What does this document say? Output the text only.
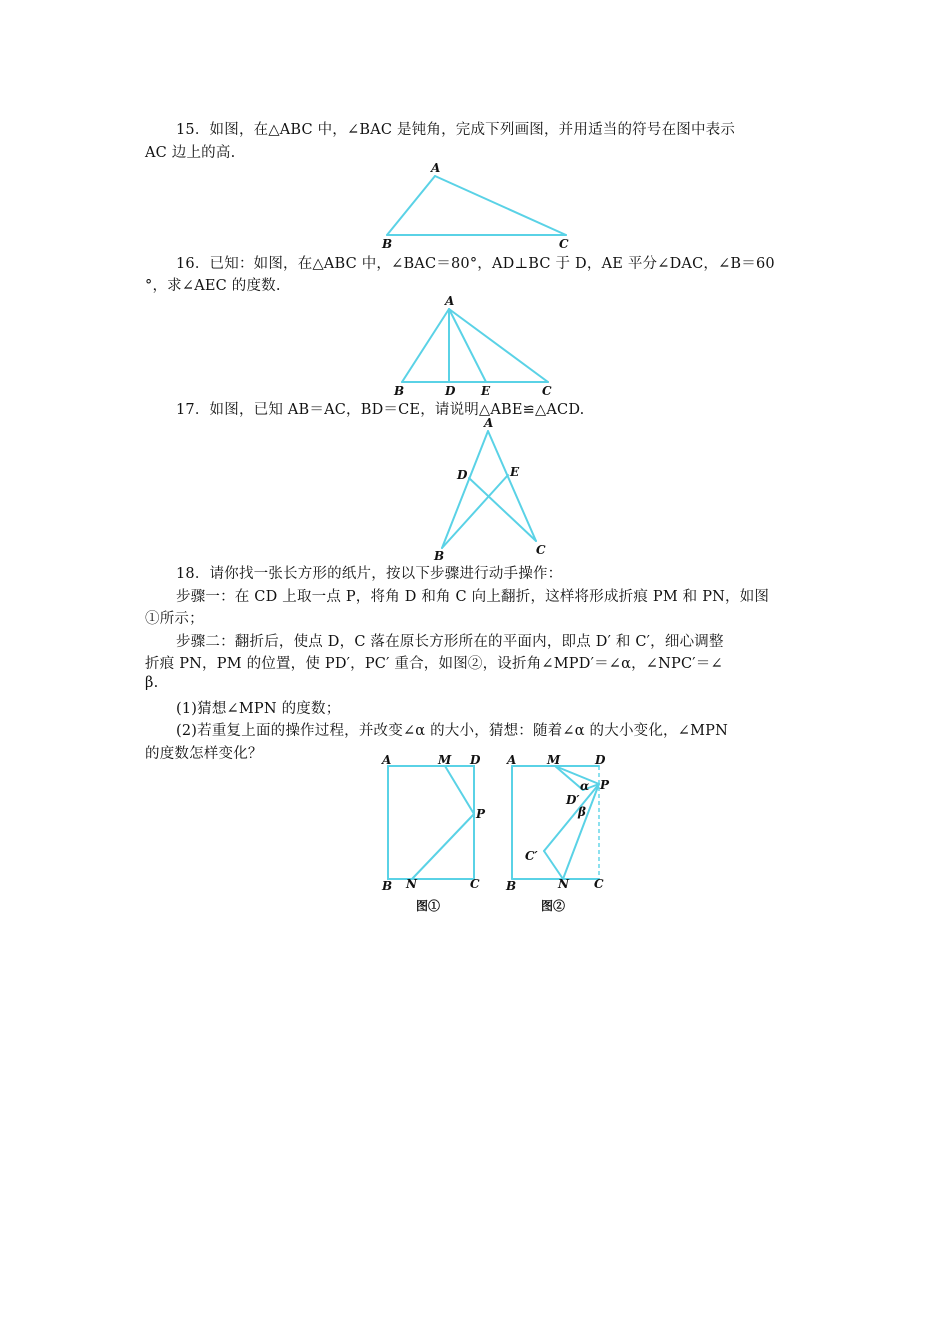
15．如图，在△ABC 中，∠BAC 是钝角，完成下列画图，并用适当的符号在图中表示
AC 边上的高.
A
B	C
16．已知：如图，在△ABC 中，∠BAC＝80°，AD⊥BC 于 D，AE 平分∠DAC，∠B＝60
°，求∠AEC 的度数.
A
B	D E	C
17．如图，已知 AB＝AC，BD＝CE，请说明△ABE≌△ACD.
A
D	E
B	C
18．请你找一张长方形的纸片，按以下步骤进行动手操作：
步骤一：在 CD 上取一点 P，将角 D 和角 C 向上翻折，这样将形成折痕 PM 和 PN，如图
①所示；
步骤二：翻折后，使点 D，C 落在原长方形所在的平面内，即点 D′ 和 C′，细心调整
折痕 PN，PM 的位置，使 PD′，PC′ 重合，如图②，设折角∠MPD′＝∠α，∠NPC′＝∠
β.
(1)猜想∠MPN 的度数；
(2)若重复上面的操作过程，并改变∠α 的大小，猜想：随着∠α 的大小变化，∠MPN
的度数怎样变化？	A	M D
P
B N	C
图①
A	M	D
α P
D′
β
C′
B	N C
图②
